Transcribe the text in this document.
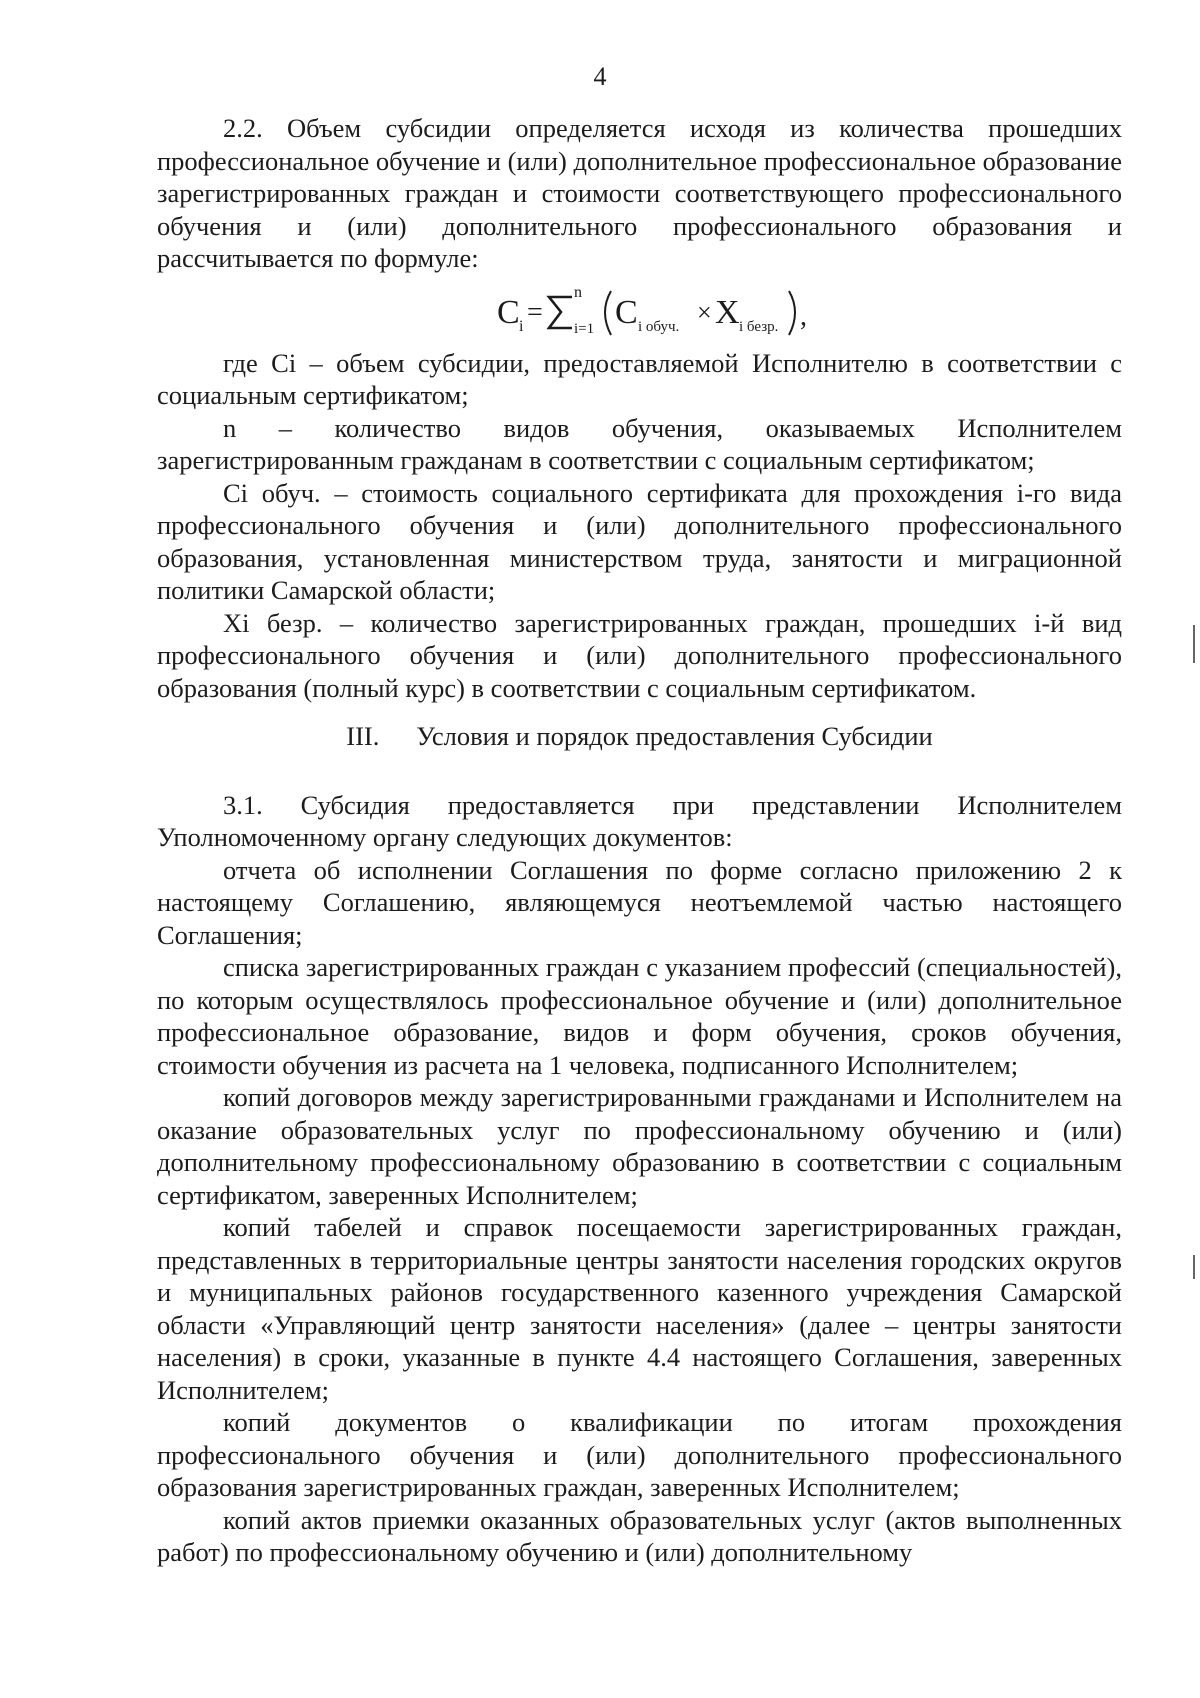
4

2.2. Объем субсидии определяется исходя из количества прошедших профессиональное обучение и (или) дополнительное профессиональное образование зарегистрированных граждан и стоимости соответствующего профессионального обучения и (или) дополнительного профессионального образования и рассчитывается по формуле:

C i =
n
i=1 C i обуч. × X i безр. ,

где Ci – объем субсидии, предоставляемой Исполнителю в соответствии с социальным сертификатом;

n – количество видов обучения, оказываемых Исполнителем зарегистрированным гражданам в соответствии с социальным сертификатом;

Ci обуч. – стоимость социального сертификата для прохождения i-го вида профессионального обучения и (или) дополнительного профессионального образования, установленная министерством труда, занятости и миграционной политики Самарской области;

Xi безр. – количество зарегистрированных граждан, прошедших i-й вид профессионального обучения и (или) дополнительного профессионального образования (полный курс) в соответствии с социальным сертификатом.

III. Условия и порядок предоставления Субсидии

3.1. Субсидия предоставляется при представлении Исполнителем Уполномоченному органу следующих документов:

отчета об исполнении Соглашения по форме согласно приложению 2 к настоящему Соглашению, являющемуся неотъемлемой частью настоящего Соглашения;

списка зарегистрированных граждан с указанием профессий (специальностей), по которым осуществлялось профессиональное обучение и (или) дополнительное профессиональное образование, видов и форм обучения, сроков обучения, стоимости обучения из расчета на 1 человека, подписанного Исполнителем;

копий договоров между зарегистрированными гражданами и Исполнителем на оказание образовательных услуг по профессиональному обучению и (или) дополнительному профессиональному образованию в соответствии с социальным сертификатом, заверенных Исполнителем;

копий табелей и справок посещаемости зарегистрированных граждан, представленных в территориальные центры занятости населения городских округов и муниципальных районов государственного казенного учреждения Самарской области «Управляющий центр занятости населения» (далее – центры занятости населения) в сроки, указанные в пункте 4.4 настоящего Соглашения, заверенных Исполнителем;

копий документов о квалификации по итогам прохождения профессионального обучения и (или) дополнительного профессионального образования зарегистрированных граждан, заверенных Исполнителем;

копий актов приемки оказанных образовательных услуг (актов выполненных работ) по профессиональному обучению и (или) дополнительному
